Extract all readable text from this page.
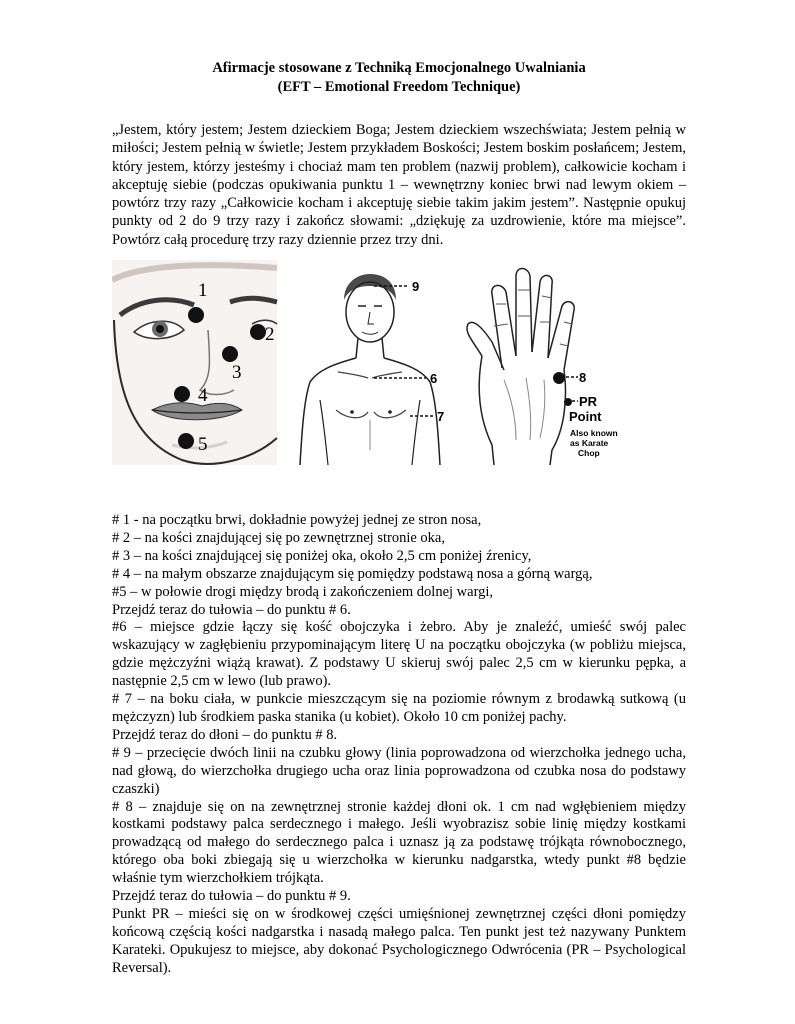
Afirmacje stosowane z Techniką Emocjonalnego Uwalniania
(EFT – Emotional Freedom Technique)

„Jestem, który jestem; Jestem dzieckiem Boga; Jestem dzieckiem wszechświata; Jestem pełnią w miłości; Jestem pełnią w świetle; Jestem przykładem Boskości; Jestem boskim posłańcem; Jestem, który jestem, którzy jesteśmy i chociaż mam ten problem (nazwij problem), całkowicie kocham i akceptuję siebie (podczas opukiwania punktu 1 – wewnętrzny koniec brwi nad lewym okiem – powtórz trzy razy „Całkowicie kocham i akceptuję siebie takim jakim jestem”. Następnie opukuj punkty od 2 do 9 trzy razy i zakończ słowami: „dziękuję za uzdrowienie, które ma miejsce”. Powtórz całą procedurę trzy razy dziennie przez trzy dni.

1
2
3
4
5
9
6
7
8
PR
Point
Also known
as Karate
Chop
# 1 - na początku brwi, dokładnie powyżej jednej ze stron nosa,
# 2 – na kości znajdującej się po zewnętrznej stronie oka,
# 3 – na kości znajdującej się poniżej oka, około 2,5 cm poniżej źrenicy,
# 4 – na małym obszarze znajdującym się pomiędzy podstawą nosa a górną wargą,
#5 – w połowie drogi między brodą i zakończeniem dolnej wargi,
Przejdź teraz do tułowia – do punktu # 6.
#6 – miejsce gdzie łączy się kość obojczyka i żebro. Aby je znaleźć, umieść swój palec wskazujący w zagłębieniu przypominającym literę U na początku obojczyka (w pobliżu miejsca, gdzie mężczyźni wiążą krawat). Z podstawy U skieruj swój palec 2,5 cm w kierunku pępka, a następnie 2,5 cm w lewo (lub prawo).
# 7 – na boku ciała, w punkcie mieszczącym się na poziomie równym z brodawką sutkową (u mężczyzn) lub środkiem paska stanika (u kobiet). Około 10 cm poniżej pachy.
Przejdź teraz do dłoni – do punktu # 8.
# 9 – przecięcie dwóch linii na czubku głowy (linia poprowadzona od wierzchołka jednego ucha, nad głową, do wierzchołka drugiego ucha oraz linia poprowadzona od czubka nosa do podstawy czaszki)
# 8 – znajduje się on na zewnętrznej stronie każdej dłoni ok. 1 cm nad wgłębieniem między kostkami podstawy palca serdecznego i małego. Jeśli wyobrazisz sobie linię między kostkami prowadzącą od małego do serdecznego palca i uznasz ją za podstawę trójkąta równobocznego, którego oba boki zbiegają się u wierzchołka w kierunku nadgarstka, wtedy punkt #8 będzie właśnie tym wierzchołkiem trójkąta.
Przejdź teraz do tułowia – do punktu # 9.
Punkt PR – mieści się on w środkowej części umięśnionej zewnętrznej części dłoni pomiędzy końcową częścią kości nadgarstka i nasadą małego palca. Ten punkt jest też nazywany Punktem Karateki. Opukujesz to miejsce, aby dokonać Psychologicznego Odwrócenia (PR – Psychological Reversal).
